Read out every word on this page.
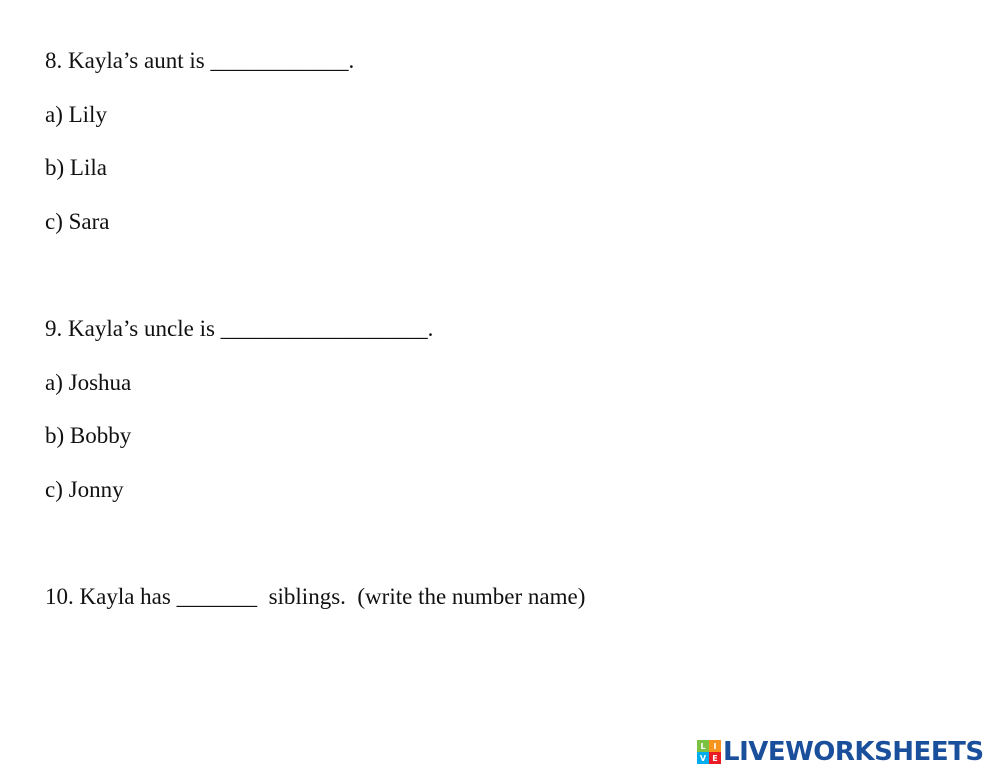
8. Kayla’s aunt is ____________.
a) Lily
b) Lila
c) Sara
9. Kayla’s uncle is __________________.
a) Joshua
b) Bobby
c) Jonny
10. Kayla has _______  siblings.  (write the number name)
L I
V E LIVEWORKSHEETS
